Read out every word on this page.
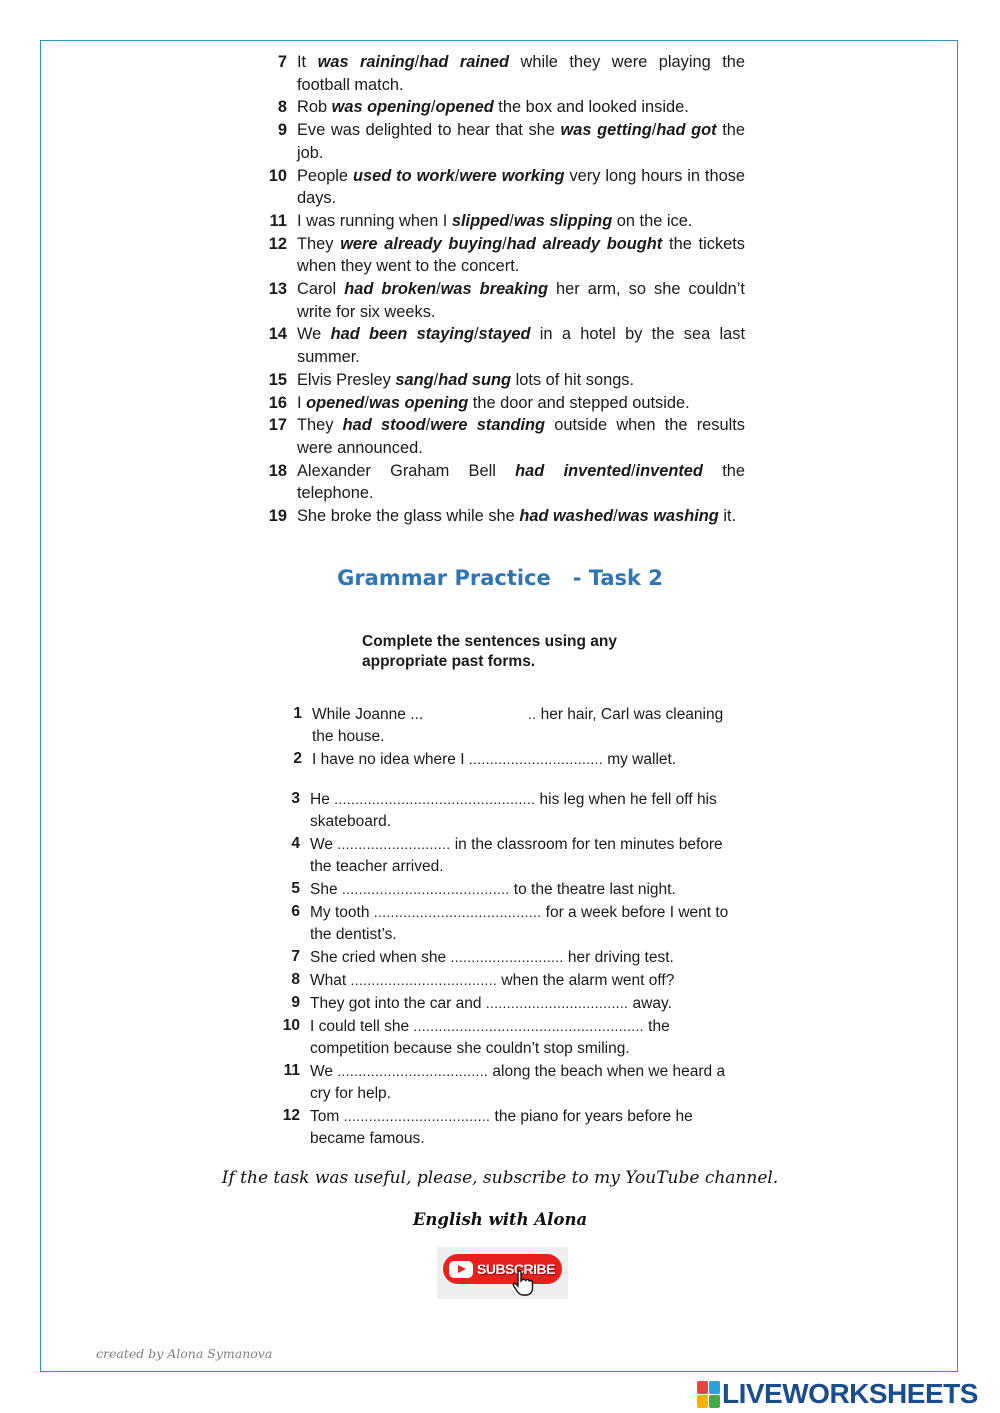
7 It was raining/had rained while they were playing the football match.
8 Rob was opening/opened the box and looked inside.
9 Eve was delighted to hear that she was getting/had got the job.
10 People used to work/were working very long hours in those days.
11 I was running when I slipped/was slipping on the ice.
12 They were already buying/had already bought the tickets when they went to the concert.
13 Carol had broken/was breaking her arm, so she couldn’t write for six weeks.
14 We had been staying/stayed in a hotel by the sea last summer.
15 Elvis Presley sang/had sung lots of hit songs.
16 I opened/was opening the door and stepped outside.
17 They had stood/were standing outside when the results were announced.
18 Alexander Graham Bell had invented/invented the telephone.
19 She broke the glass while she had washed/was washing it.
Grammar Practice   - Task 2
Complete the sentences using any appropriate past forms.
1 While Joanne ...                         .. her hair, Carl was cleaning the house.
2 I have no idea where I ................................ my wallet.
3 He ................................................ his leg when he fell off his skateboard.
4 We ........................... in the classroom for ten minutes before the teacher arrived.
5 She ........................................ to the theatre last night.
6 My tooth ........................................ for a week before I went to the dentist’s.
7 She cried when she ........................... her driving test.
8 What ................................... when the alarm went off?
9 They got into the car and .................................. away.
10 I could tell she ....................................................... the competition because she couldn’t stop smiling.
11 We .................................... along the beach when we heard a cry for help.
12 Tom ................................... the piano for years before he became famous.
If the task was useful, please, subscribe to my YouTube channel.
English with Alona
SUBSCRIBE
created by Alona Symanova
LIVEWORKSHEETS
